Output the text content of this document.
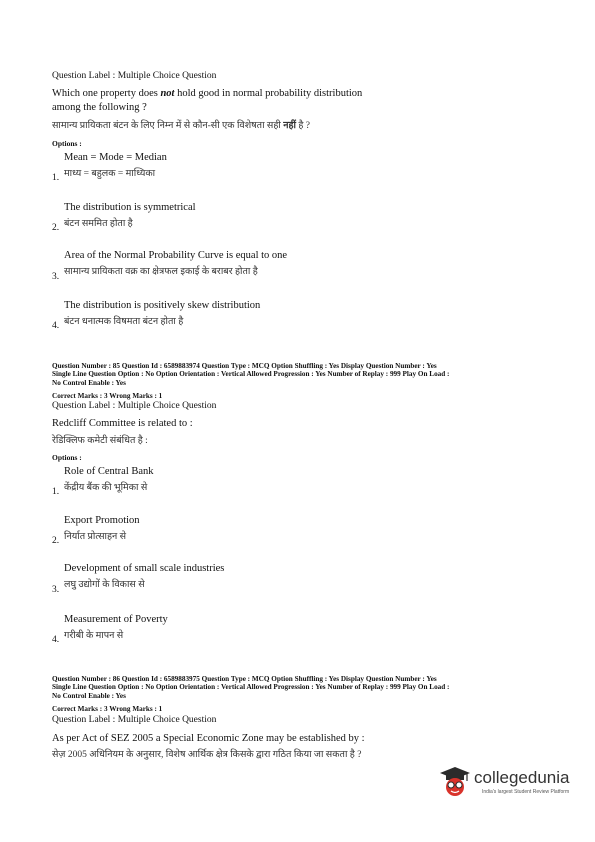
Question Label : Multiple Choice Question
Which one property does not hold good in normal probability distribution
among the following ?
सामान्य प्रायिकता बंटन के लिए निम्न में से कौन-सी एक विशेषता सही नहीं है ?
Options :
Mean = Mode = Median
माध्य = बहुलक = माध्यिका
1.
The distribution is symmetrical
बंटन सममित होता है
2.
Area of the Normal Probability Curve is equal to one
सामान्य प्रायिकता वक्र का क्षेत्रफल इकाई के बराबर होता है
3.
The distribution is positively skew distribution
बंटन धनात्मक विषमता बंटन होता है
4.
Question Number : 85 Question Id : 6589883974 Question Type : MCQ Option Shuffling : Yes Display Question Number : Yes
Single Line Question Option : No Option Orientation : Vertical Allowed Progression : Yes Number of Replay : 999 Play On Load :
No Control Enable : Yes
Correct Marks : 3 Wrong Marks : 1
Question Label : Multiple Choice Question
Redcliff Committee is related to :
रेडिक्लिफ कमेटी संबंधित है :
Options :
Role of Central Bank
केंद्रीय बैंक की भूमिका से
1.
Export Promotion
निर्यात प्रोत्साहन से
2.
Development of small scale industries
लघु उद्योगों के विकास से
3.
Measurement of Poverty
गरीबी के मापन से
4.
Question Number : 86 Question Id : 6589883975 Question Type : MCQ Option Shuffling : Yes Display Question Number : Yes
Single Line Question Option : No Option Orientation : Vertical Allowed Progression : Yes Number of Replay : 999 Play On Load :
No Control Enable : Yes
Correct Marks : 3 Wrong Marks : 1
Question Label : Multiple Choice Question
As per Act of SEZ 2005 a Special Economic Zone may be established by :
सेज़ 2005 अधिनियम के अनुसार, विशेष आर्थिक क्षेत्र किसके द्वारा गठित किया जा सकता है ?
collegedunia
India's largest Student Review Platform
